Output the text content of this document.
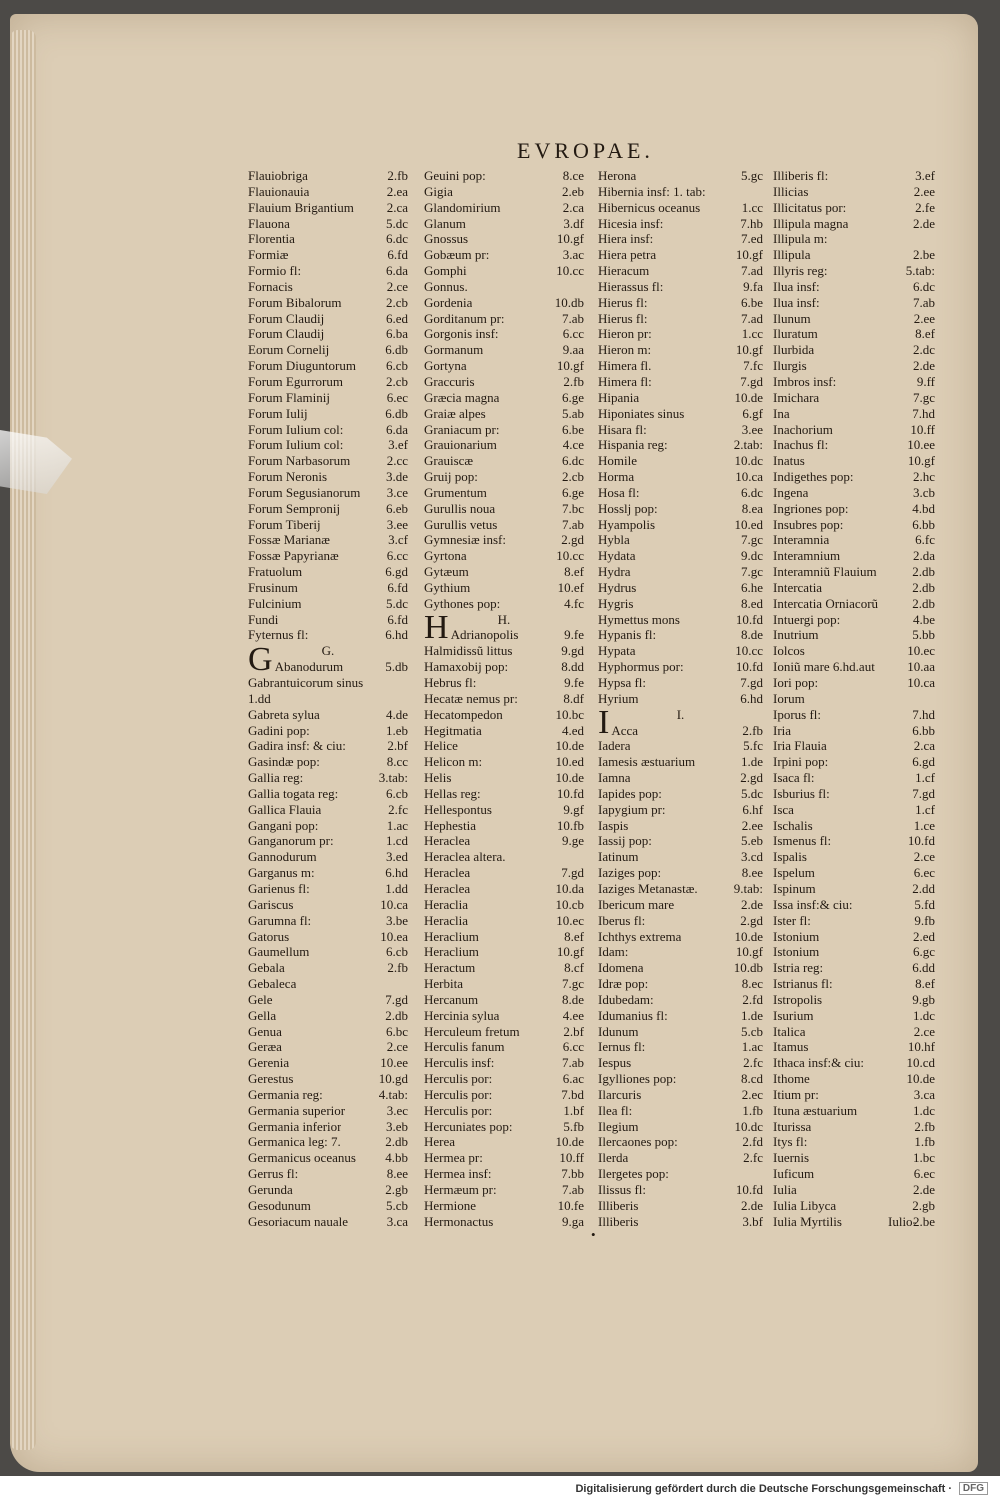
EVROPAE.
Flauiobriga	2.fb
Flauionauia	2.ea
Flauium Brigantium	2.ca
Flauona	5.dc
Florentia	6.dc
Formiæ	6.fd
Formio fl:	6.da
Fornacis	2.ce
Forum Bibalorum	2.cb
Forum Claudij	6.ed
Forum Claudij	6.ba
Eorum Cornelij	6.db
Forum Diuguntorum 6.cb
Forum Egurrorum	2.cb
Forum Flaminij	6.ec
Forum Iulij	6.db
Forum Iulium col:	6.da
Forum Iulium col:	3.ef
Forum Narbasorum	2.cc
Forum Neronis	3.de
Forum Segusianorum 3.ce
Forum Sempronij	6.eb
Forum Tiberij	3.ee
Fossæ Marianæ	3.cf
Fossæ Papyrianæ	6.cc
Fratuolum	6.gd
Frusinum	6.fd
Fulcinium	5.dc
Fundi	6.fd
Fyternus fl:	6.hd
G.
G Abanodurum	5.db
Gabrantuicorum sinus
1.dd
Gabreta sylua	4.de
Gadini pop:	1.eb
Gadira insf: & ciu:	2.bf
Gasindæ pop:	8.cc
Gallia reg:	3.tab:
Gallia togata reg:	6.cb
Gallica Flauia	2.fc
Gangani pop:	1.ac
Ganganorum pr:	1.cd
Gannodurum	3.ed
Garganus m:	6.hd
Garienus fl:	1.dd
Gariscus	10.ca
Garumna fl:	3.be
Gatorus	10.ea
Gaumellum	6.cb
Gebala	2.fb
Gebaleca
Gele	7.gd
Gella	2.db
Genua	6.bc
Geræa	2.ce
Gerenia	10.ee
Gerestus	10.gd
Germania reg:	4.tab:
Germania superior	3.ec
Germania inferior	3.eb
Germanica leg: 7.	2.db
Germanicus oceanus 4.bb
Gerrus fl:	8.ee
Gerunda	2.gb
Gesodunum	5.cb
Gesoriacum nauale	3.ca
Geuini pop:	8.ce
Gigia	2.eb
Glandomirium	2.ca
Glanum	3.df
Gnossus	10.gf
Gobæum pr:	3.ac
Gomphi	10.cc
Gonnus.
Gordenia	10.db
Gorditanum pr:	7.ab
Gorgonis insf:	6.cc
Gormanum	9.aa
Gortyna	10.gf
Graccuris	2.fb
Græcia magna	6.ge
Graiæ alpes	5.ab
Graniacum pr:	6.be
Grauionarium	4.ce
Grauiscæ	6.dc
Gruij pop:	2.cb
Grumentum	6.ge
Gurullis noua	7.bc
Gurullis vetus	7.ab
Gymnesiæ insf:	2.gd
Gyrtona	10.cc
Gytæum	8.ef
Gythium	10.ef
Gythones pop:	4.fc
H.
H Adrianopolis	9.fe
Halmidissũ littus	9.gd
Hamaxobij pop:	8.dd
Hebrus fl:	9.fe
Hecatæ nemus pr:	8.df
Hecatompedon	10.bc
Hegitmatia	4.ed
Helice	10.de
Helicon m:	10.ed
Helis	10.de
Hellas reg:	10.fd
Hellespontus	9.gf
Hephestia	10.fb
Heraclea	9.ge
Heraclea altera.
Heraclea	7.gd
Heraclea	10.da
Heraclia	10.cb
Heraclia	10.ec
Heraclium	8.ef
Heraclium	10.gf
Heractum	8.cf
Herbita	7.gc
Hercanum	8.de
Hercinia sylua	4.ee
Herculeum fretum	2.bf
Herculis fanum	6.cc
Herculis insf:	7.ab
Herculis por:	6.ac
Herculis por:	7.bd
Herculis por:	1.bf
Hercuniates pop:	5.fb
Herea	10.de
Hermea pr:	10.ff
Hermea insf:	7.bb
Hermæum pr:	7.ab
Hermione	10.fe
Hermonactus	9.ga
Herona	5.gc
Hibernia insf: 1. tab:
Hibernicus oceanus	1.cc
Hicesia insf:	7.hb
Hiera insf:	7.ed
Hiera petra	10.gf
Hieracum	7.ad
Hierassus fl:	9.fa
Hierus fl:	6.be
Hierus fl:	7.ad
Hieron pr:	1.cc
Hieron m:	10.gf
Himera fl.	7.fc
Himera fl:	7.gd
Hipania	10.de
Hiponiates sinus	6.gf
Hisara fl:	3.ee
Hispania reg:	2.tab:
Homile	10.dc
Horma	10.ca
Hosa fl:	6.dc
Hosslj pop:	8.ea
Hyampolis	10.ed
Hybla	7.gc
Hydata	9.dc
Hydra	7.gc
Hydrus	6.he
Hygris	8.ed
Hymettus mons	10.fd
Hypanis fl:	8.de
Hypata	10.cc
Hyphormus por:	10.fd
Hypsa fl:	7.gd
Hyrium	6.hd
I.
I Acca	2.fb
Iadera	5.fc
Iamesis æstuarium	1.de
Iamna	2.gd
Iapides pop:	5.dc
Iapygium pr:	6.hf
Iaspis	2.ee
Iassij pop:	5.eb
Iatinum	3.cd
Iaziges pop:	8.ee
Iaziges Metanastæ.	9.tab:
Ibericum mare	2.de
Iberus fl:	2.gd
Ichthys extrema	10.de
Idam:	10.gf
Idomena	10.db
Idræ pop:	8.ec
Idubedam:	2.fd
Idumanius fl:	1.de
Idunum	5.cb
Iernus fl:	1.ac
Iespus	2.fc
Igylliones pop:	8.cd
Ilarcuris	2.ec
Ilea fl:	1.fb
Ilegium	10.dc
Ilercaones pop:	2.fd
Ilerda	2.fc
Ilergetes pop:
Ilissus fl:	10.fd
Illiberis	2.de
Illiberis	3.bf
Illiberis fl:	3.ef
Illicias	2.ee
Illicitatus por:	2.fe
Illipula magna	2.de
Illipula m:
Illipula	2.be
Illyris reg:	5.tab:
Ilua insf:	6.dc
Ilua insf:	7.ab
Ilunum	2.ee
Iluratum	8.ef
Ilurbida	2.dc
Ilurgis	2.de
Imbros insf:	9.ff
Imichara	7.gc
Ina	7.hd
Inachorium	10.ff
Inachus fl:	10.ee
Inatus	10.gf
Indigethes pop:	2.hc
Ingena	3.cb
Ingriones pop:	4.bd
Insubres pop:	6.bb
Interamnia	6.fc
Interamnium	2.da
Interamniũ Flauium	2.db
Intercatia	2.db
Intercatia Orniacorũ	2.db
Intuergi pop:	4.be
Inutrium	5.bb
Iolcos	10.ec
Ioniũ mare 6.hd.aut 10.aa
Iori pop:	10.ca
Iorum
Iporus fl:	7.hd
Iria	6.bb
Iria Flauia	2.ca
Irpini pop:	6.gd
Isaca fl:	1.cf
Isburius fl:	7.gd
Isca	1.cf
Ischalis	1.ce
Ismenus fl:	10.fd
Ispalis	2.ce
Ispelum	6.ec
Ispinum	2.dd
Issa insf:& ciu:	5.fd
Ister fl:	9.fb
Istonium	2.ed
Istonium	6.gc
Istria reg:	6.dd
Istrianus fl:	8.ef
Istropolis	9.gb
Isurium	1.dc
Italica	2.ce
Itamus	10.hf
Ithaca insf:& ciu:	10.cd
Ithome	10.de
Itium pr:	3.ca
Ituna æstuarium	1.dc
Iturissa	2.fb
Itys fl:	1.fb
Iuernis	1.bc
Iuficum	6.ec
Iulia	2.de
Iulia Libyca	2.gb
Iulia Myrtilis	2.be
Iulio-
•
Digitalisierung gefördert durch die Deutsche Forschungsgemeinschaft ·	DFG
